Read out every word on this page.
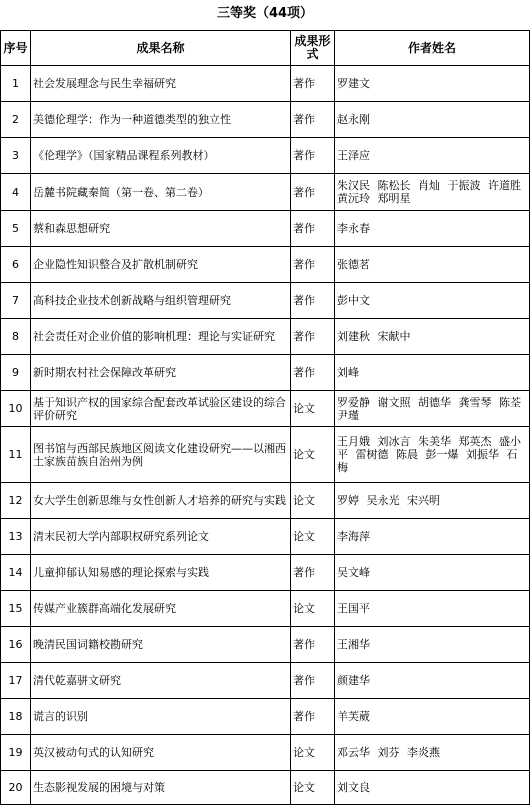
三等奖（44项）
序号	成果名称	成果形式	作者姓名
1	社会发展理念与民生幸福研究	著作	罗建文
2	美德伦理学：作为一种道德类型的独立性	著作	赵永刚
3	《伦理学》（国家精品课程系列教材）	著作	王泽应
4	岳麓书院藏秦简（第一卷、第二卷）	著作	朱汉民 陈松长 肖灿 于振波 许道胜 黄沅玲 郑明星
5	蔡和森思想研究	著作	李永春
6	企业隐性知识整合及扩散机制研究	著作	张德茗
7	高科技企业技术创新战略与组织管理研究	著作	彭中文
8	社会责任对企业价值的影响机理：理论与实证研究	著作	刘建秋 宋献中
9	新时期农村社会保障改革研究	著作	刘峰
10	基于知识产权的国家综合配套改革试验区建设的综合评价研究	论文	罗爱静 谢文照 胡德华 龚雪琴 陈荃 尹瑾
11	图书馆与西部民族地区阅读文化建设研究——以湘西土家族苗族自治州为例	论文	王月娥 刘冰言 朱美华 郑英杰 盛小平 雷树德 陈晨 彭一爆 刘振华 石梅
12	女大学生创新思维与女性创新人才培养的研究与实践	论文	罗婷 吴永光 宋兴明
13	清末民初大学内部职权研究系列论文	论文	李海萍
14	儿童抑郁认知易感的理论探索与实践	著作	吴文峰
15	传媒产业簇群高端化发展研究	论文	王国平
16	晚清民国词籍校勘研究	著作	王湘华
17	清代乾嘉骈文研究	著作	颜建华
18	谎言的识别	著作	羊芙葳
19	英汉被动句式的认知研究	论文	邓云华 刘芬 李炎燕
20	生态影视发展的困境与对策	论文	刘文良
